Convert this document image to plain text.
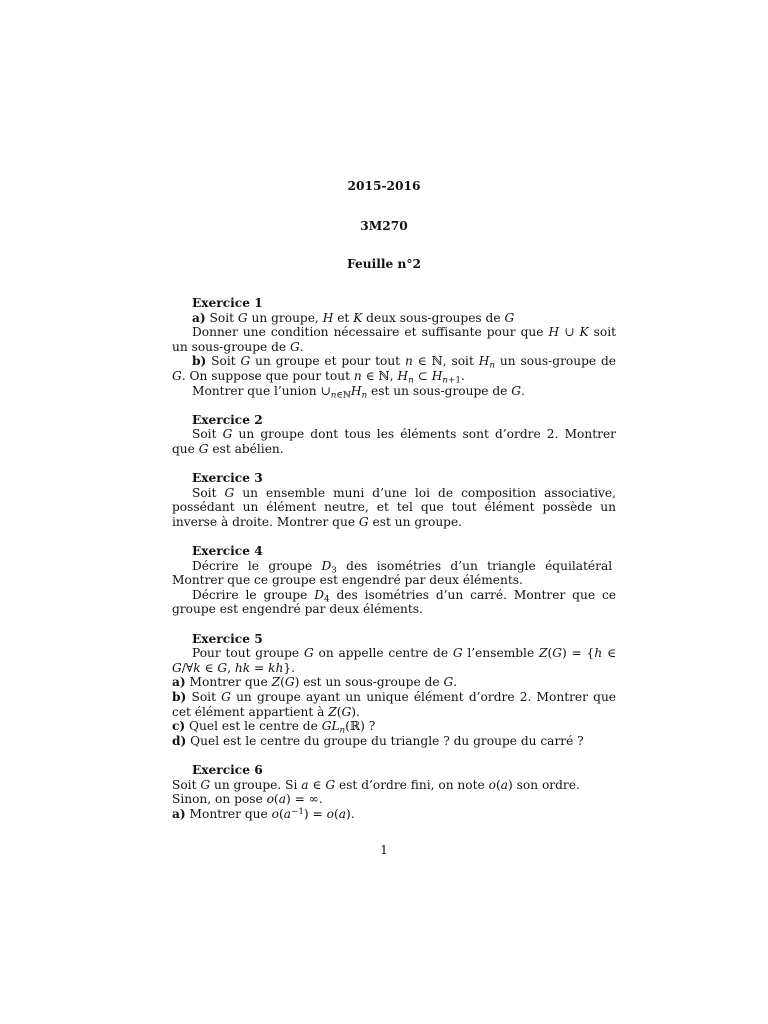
2015-2016
3M270
Feuille n°2
Exercice 1
a) Soit G un groupe, H et K deux sous-groupes de G
Donner une condition nécessaire et suffisante pour que H ∪ K soit un sous-groupe de G.
b) Soit G un groupe et pour tout n ∈ ℕ, soit $H_n$ un sous-groupe de G. On suppose que pour tout n ∈ ℕ, $H_n$ ⊂ $H_{n+1}$.
Montrer que l’union $\cup_{n\in ℕ}H_n$ est un sous-groupe de G.
Exercice 2
Soit G un groupe dont tous les éléments sont d’ordre 2. Montrer que G est abélien.
Exercice 3
Soit G un ensemble muni d’une loi de composition associative, possédant un élément neutre, et tel que tout élément possède un inverse à droite. Montrer que G est un groupe.
Exercice 4
Décrire le groupe $D_3$ des isométries d’un triangle équilatéral  Montrer que ce groupe est engendré par deux éléments.
Décrire le groupe $D_4$ des isométries d’un carré. Montrer que ce groupe est engendré par deux éléments.
Exercice 5
Pour tout groupe G on appelle centre de G l’ensemble Z(G) = {h ∈ G/∀k ∈ G, hk = kh}.
a) Montrer que Z(G) est un sous-groupe de G.
b) Soit G un groupe ayant un unique élément d’ordre 2. Montrer que cet élément appartient à Z(G).
c) Quel est le centre de $GL_n(ℝ)$ ?
d) Quel est le centre du groupe du triangle ? du groupe du carré ?
Exercice 6
Soit G un groupe. Si a ∈ G est d’ordre fini, on note o(a) son ordre.
Sinon, on pose o(a) = ∞.
a) Montrer que $o(a^{-1}) = o(a)$.
1
